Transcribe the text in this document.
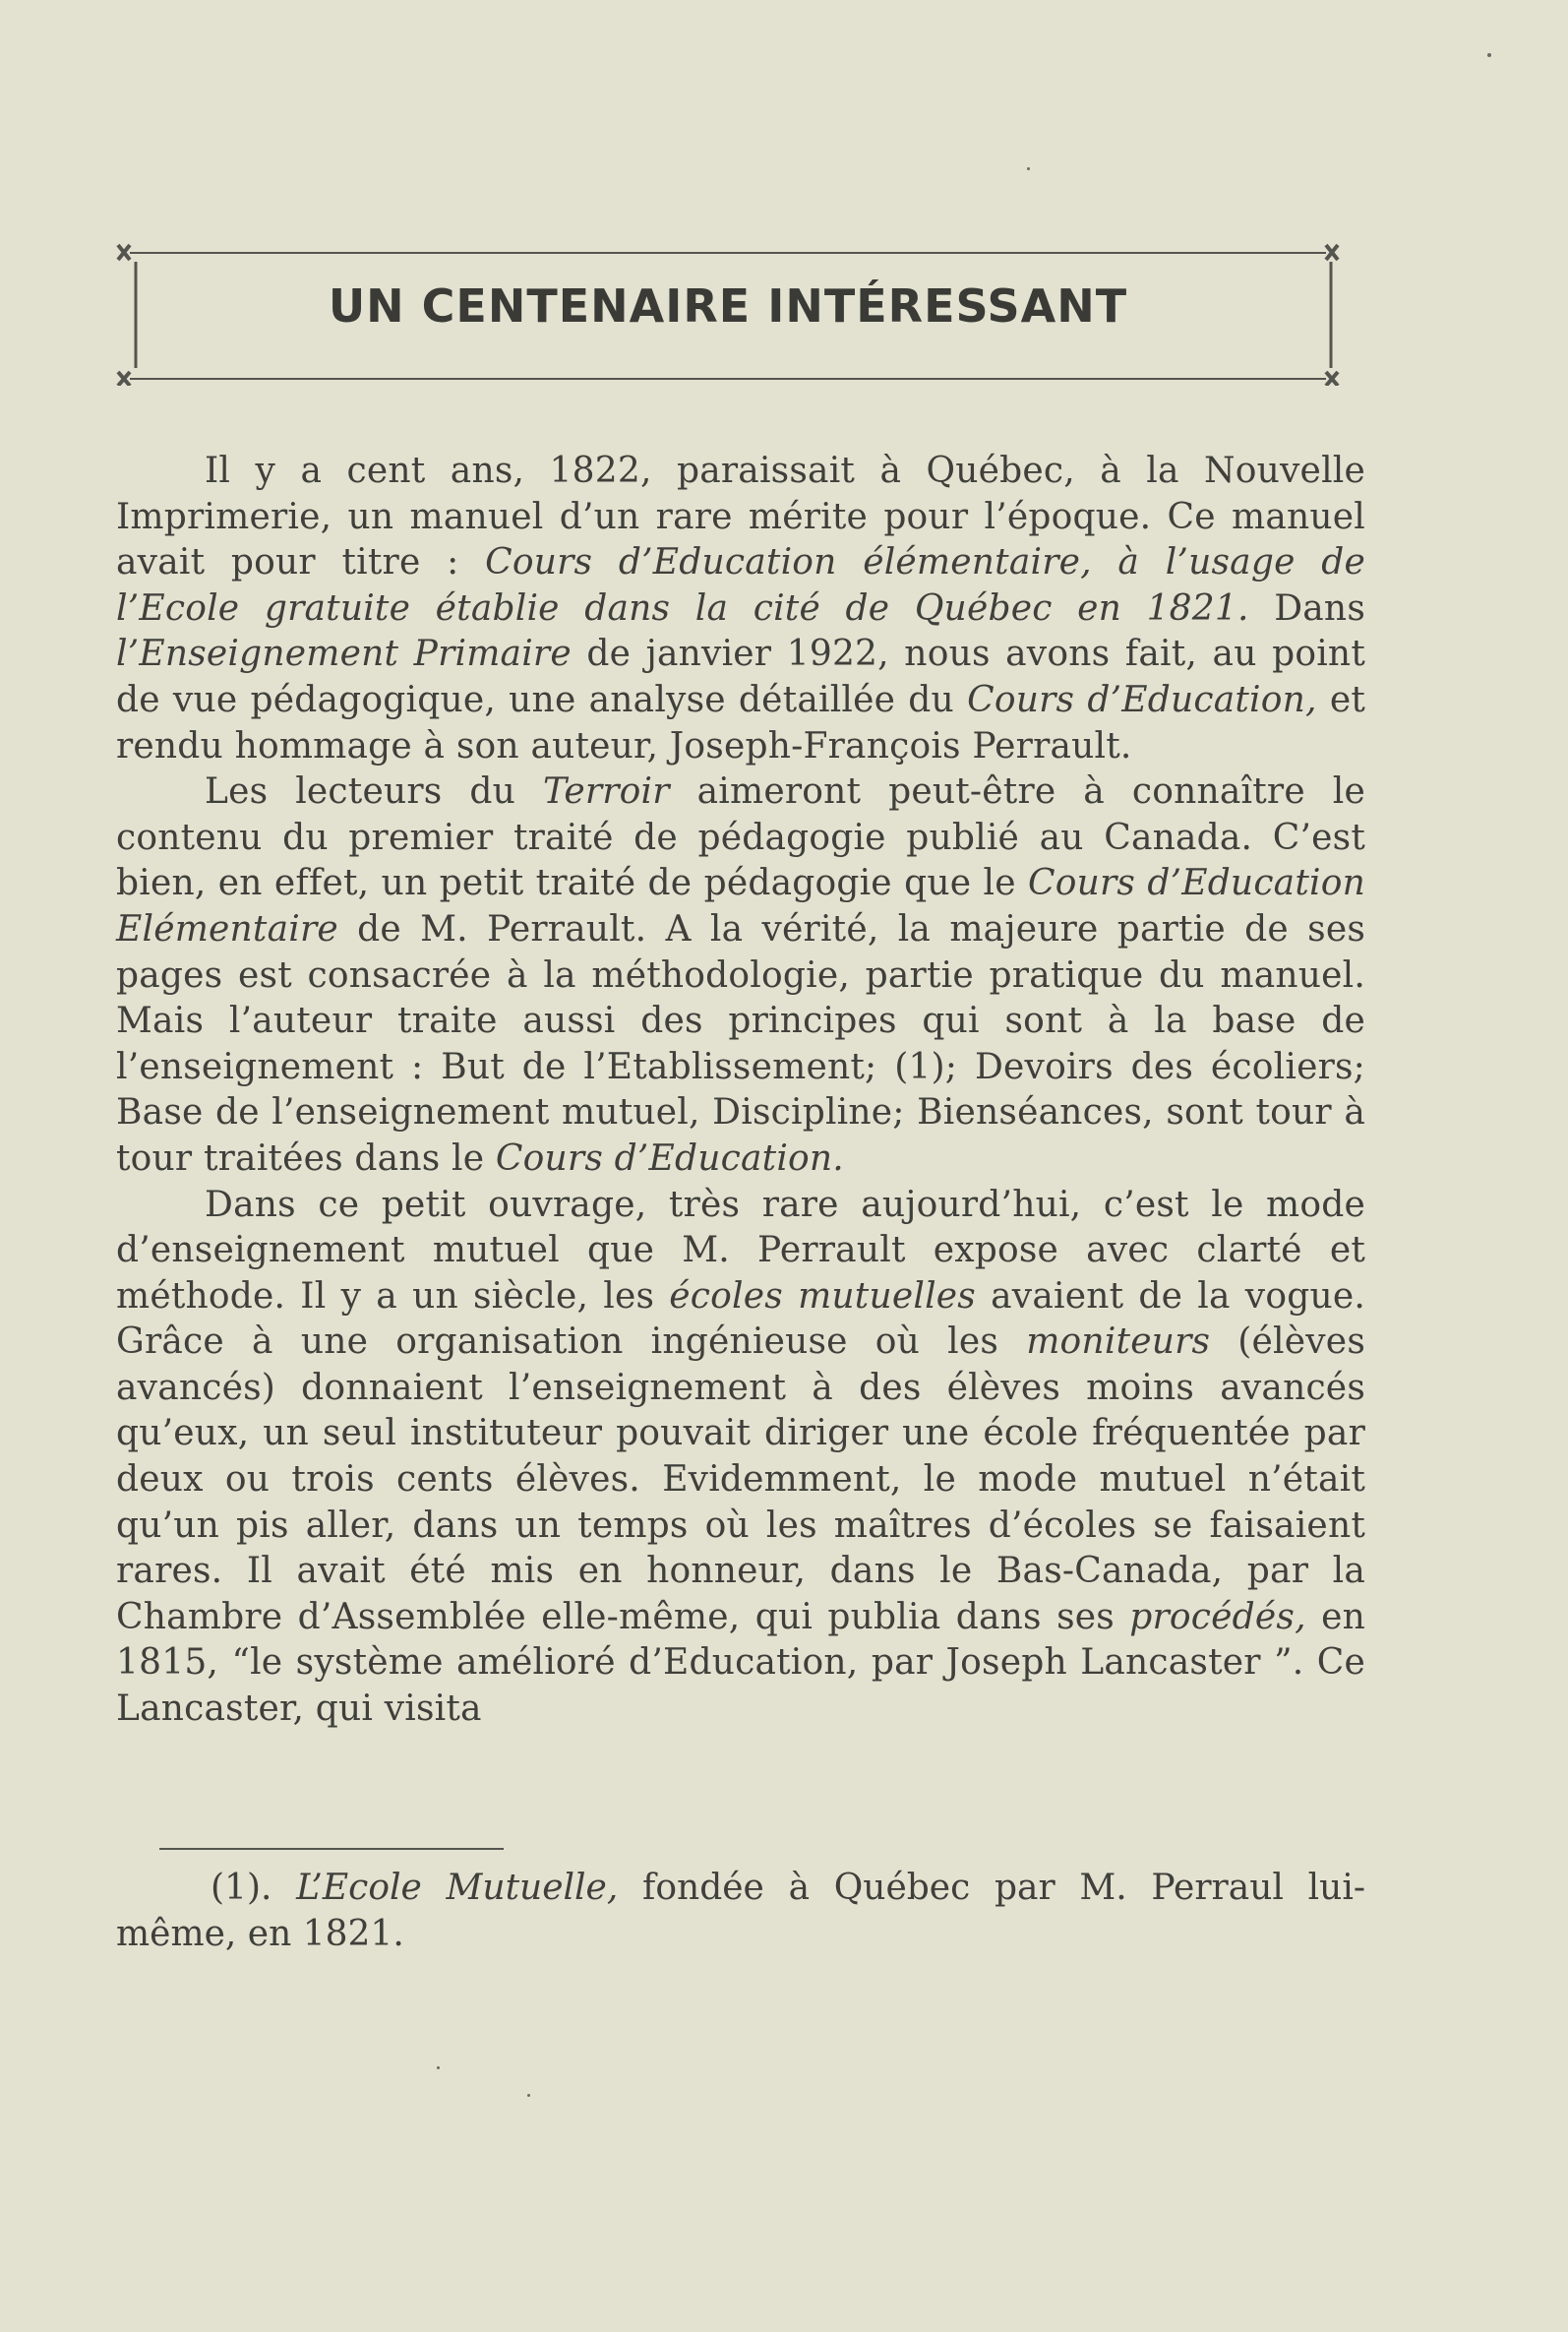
UN CENTENAIRE INTÉRESSANT

Il y a cent ans, 1822, paraissait à Québec, à la Nouvelle Imprimerie, un manuel d’un rare mérite pour l’époque. Ce manuel avait pour titre : Cours d’Education élémentaire, à l’usage de l’Ecole gratuite établie dans la cité de Québec en 1821. Dans l’Enseignement Primaire de janvier 1922, nous avons fait, au point de vue pédagogique, une analyse détaillée du Cours d’Education, et rendu hommage à son auteur, Joseph-François Perrault.

Les lecteurs du Terroir aimeront peut-être à connaître le contenu du premier traité de pédagogie publié au Canada. C’est bien, en effet, un petit traité de pédagogie que le Cours d’Education Elémentaire de M. Perrault. A la vérité, la majeure partie de ses pages est consacrée à la méthodologie, partie pratique du manuel. Mais l’auteur traite aussi des principes qui sont à la base de l’enseignement : But de l’Etablissement; (1); Devoirs des écoliers; Base de l’enseignement mutuel, Discipline; Bienséances, sont tour à tour traitées dans le Cours d’Education.

Dans ce petit ouvrage, très rare aujourd’hui, c’est le mode d’enseignement mutuel que M. Perrault expose avec clarté et méthode. Il y a un siècle, les écoles mutuelles avaient de la vogue. Grâce à une organisation ingénieuse où les moniteurs (élèves avancés) donnaient l’enseignement à des élèves moins avancés qu’eux, un seul instituteur pouvait diriger une école fréquentée par deux ou trois cents élèves. Evidemment, le mode mutuel n’était qu’un pis aller, dans un temps où les maîtres d’écoles se faisaient rares. Il avait été mis en honneur, dans le Bas-Canada, par la Chambre d’Assemblée elle-même, qui publia dans ses procédés, en 1815, “le système amélioré d’Education, par Joseph Lancaster ”. Ce Lancaster, qui visita

(1). L’Ecole Mutuelle, fondée à Québec par M. Perraul lui-même, en 1821.
